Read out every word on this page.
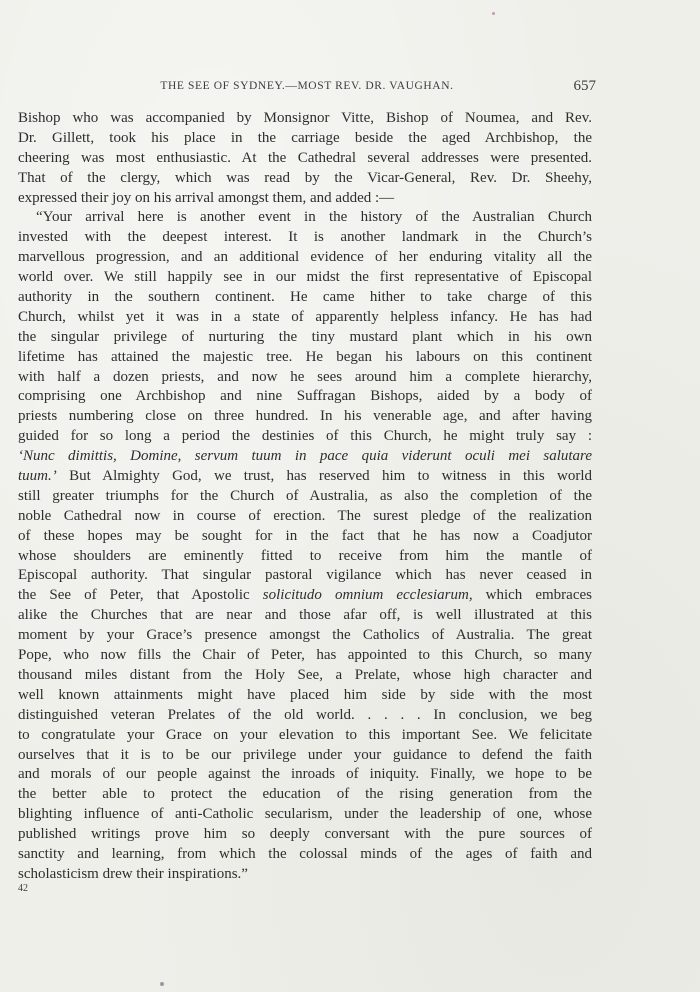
THE SEE OF SYDNEY.—MOST REV. DR. VAUGHAN.	657
Bishop who was accompanied by Monsignor Vitte, Bishop of Noumea, and Rev.
Dr. Gillett, took his place in the carriage beside the aged Archbishop, the
cheering was most enthusiastic. At the Cathedral several addresses were presented.
That of the clergy, which was read by the Vicar-General, Rev. Dr. Sheehy,
expressed their joy on his arrival amongst them, and added :—
“Your arrival here is another event in the history of the Australian Church
invested with the deepest interest. It is another landmark in the Church’s
marvellous progression, and an additional evidence of her enduring vitality all the
world over. We still happily see in our midst the first representative of Episcopal
authority in the southern continent. He came hither to take charge of this
Church, whilst yet it was in a state of apparently helpless infancy. He has had
the singular privilege of nurturing the tiny mustard plant which in his own
lifetime has attained the majestic tree. He began his labours on this continent
with half a dozen priests, and now he sees around him a complete hierarchy,
comprising one Archbishop and nine Suffragan Bishops, aided by a body of
priests numbering close on three hundred. In his venerable age, and after having
guided for so long a period the destinies of this Church, he might truly say :
‘Nunc dimittis, Domine, servum tuum in pace quia viderunt oculi mei salutare
tuum.’ But Almighty God, we trust, has reserved him to witness in this world
still greater triumphs for the Church of Australia, as also the completion of the
noble Cathedral now in course of erection. The surest pledge of the realization
of these hopes may be sought for in the fact that he has now a Coadjutor
whose shoulders are eminently fitted to receive from him the mantle of
Episcopal authority. That singular pastoral vigilance which has never ceased in
the See of Peter, that Apostolic solicitudo omnium ecclesiarum, which embraces
alike the Churches that are near and those afar off, is well illustrated at this
moment by your Grace’s presence amongst the Catholics of Australia. The great
Pope, who now fills the Chair of Peter, has appointed to this Church, so many
thousand miles distant from the Holy See, a Prelate, whose high character and
well known attainments might have placed him side by side with the most
distinguished veteran Prelates of the old world. . . . . In conclusion, we beg
to congratulate your Grace on your elevation to this important See. We felicitate
ourselves that it is to be our privilege under your guidance to defend the faith
and morals of our people against the inroads of iniquity. Finally, we hope to be
the better able to protect the education of the rising generation from the
blighting influence of anti-Catholic secularism, under the leadership of one, whose
published writings prove him so deeply conversant with the pure sources of
sanctity and learning, from which the colossal minds of the ages of faith and
scholasticism drew their inspirations.”
42
